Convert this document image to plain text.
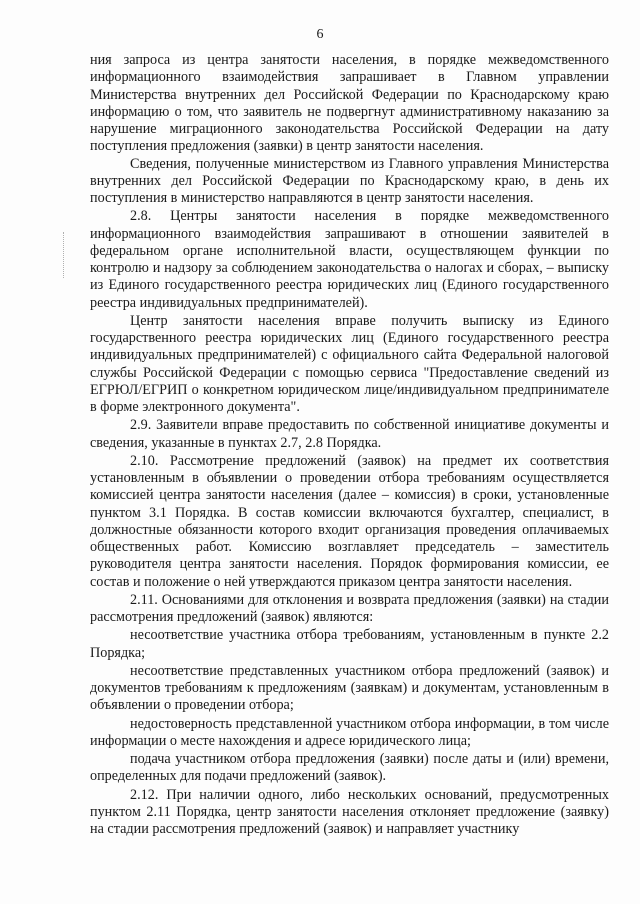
6

ния запроса из центра занятости населения, в порядке межведомственного информационного взаимодействия запрашивает в Главном управлении Министерства внутренних дел Российской Федерации по Краснодарскому краю информацию о том, что заявитель не подвергнут административному наказанию за нарушение миграционного законодательства Российской Федерации на дату поступления предложения (заявки) в центр занятости населения.

Сведения, полученные министерством из Главного управления Министерства внутренних дел Российской Федерации по Краснодарскому краю, в день их поступления в министерство направляются в центр занятости населения.

2.8. Центры занятости населения в порядке межведомственного информационного взаимодействия запрашивают в отношении заявителей в федеральном органе исполнительной власти, осуществляющем функции по контролю и надзору за соблюдением законодательства о налогах и сборах, – выписку из Единого государственного реестра юридических лиц (Единого государственного реестра индивидуальных предпринимателей).

Центр занятости населения вправе получить выписку из Единого государственного реестра юридических лиц (Единого государственного реестра индивидуальных предпринимателей) с официального сайта Федеральной налоговой службы Российской Федерации с помощью сервиса "Предоставление сведений из ЕГРЮЛ/ЕГРИП о конкретном юридическом лице/индивидуальном предпринимателе в форме электронного документа".

2.9. Заявители вправе предоставить по собственной инициативе документы и сведения, указанные в пунктах 2.7, 2.8 Порядка.

2.10. Рассмотрение предложений (заявок) на предмет их соответствия установленным в объявлении о проведении отбора требованиям осуществляется комиссией центра занятости населения (далее – комиссия) в сроки, установленные пунктом 3.1 Порядка. В состав комиссии включаются бухгалтер, специалист, в должностные обязанности которого входит организация проведения оплачиваемых общественных работ. Комиссию возглавляет председатель – заместитель руководителя центра занятости населения. Порядок формирования комиссии, ее состав и положение о ней утверждаются приказом центра занятости населения.

2.11. Основаниями для отклонения и возврата предложения (заявки) на стадии рассмотрения предложений (заявок) являются:

несоответствие участника отбора требованиям, установленным в пункте 2.2 Порядка;

несоответствие представленных участником отбора предложений (заявок) и документов требованиям к предложениям (заявкам) и документам, установленным в объявлении о проведении отбора;

недостоверность представленной участником отбора информации, в том числе информации о месте нахождения и адресе юридического лица;

подача участником отбора предложения (заявки) после даты и (или) времени, определенных для подачи предложений (заявок).

2.12. При наличии одного, либо нескольких оснований, предусмотренных пунктом 2.11 Порядка, центр занятости населения отклоняет предложение (заявку) на стадии рассмотрения предложений (заявок) и направляет участнику
